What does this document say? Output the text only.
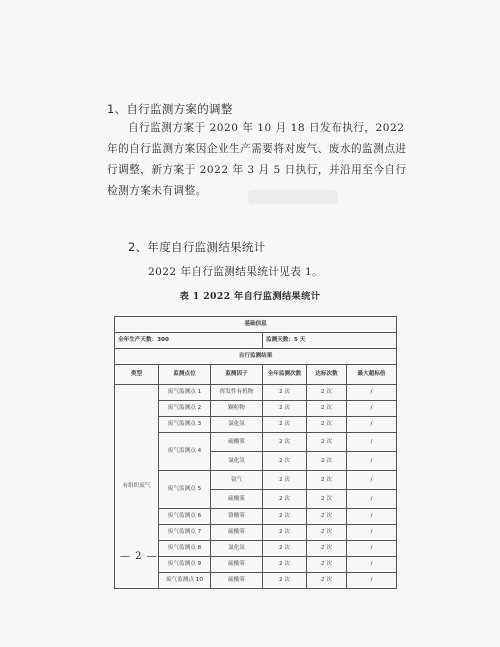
1、自行监测方案的调整
自行监测方案于 2020 年 10 月 18 日发布执行，2022 年的自行监测方案因企业生产需要将对废气、废水的监测点进行调整，新方案于 2022 年 3 月 5 日执行，并沿用至今自行检测方案未有调整。
2、年度自行监测结果统计
2022 年自行监测结果统计见表 1。
表 1 2022 年自行监测结果统计
基础信息					
全年生产天数：300			监测天数：5 天		
自行监测结果					
类型	监测点位	监测因子	全年监测次数	达标次数	最大超标倍
有组织废气	废气监测点 1	挥发性有机物	2 次	2 次	/
	废气监测点 2	颗粒物	2 次	2 次	/
	废气监测点 3	氯化氢	2 次	2 次	/
	废气监测点 4	硫酸雾	2 次	2 次	/
		氯化氢	2 次	2 次	/
	废气监测点 5	氨气	2 次	2 次	/
		硫酸雾	2 次	2 次	/
	废气监测点 6	铬酸雾	2 次	2 次	/
	废气监测点 7	硫酸雾	2 次	2 次	/
	废气监测点 8	氯化氢	2 次	2 次	/
	废气监测点 9	硫酸雾	2 次	2 次	/
	废气监测点 10	硫酸雾	2 次	2 次	/
— 2 —
